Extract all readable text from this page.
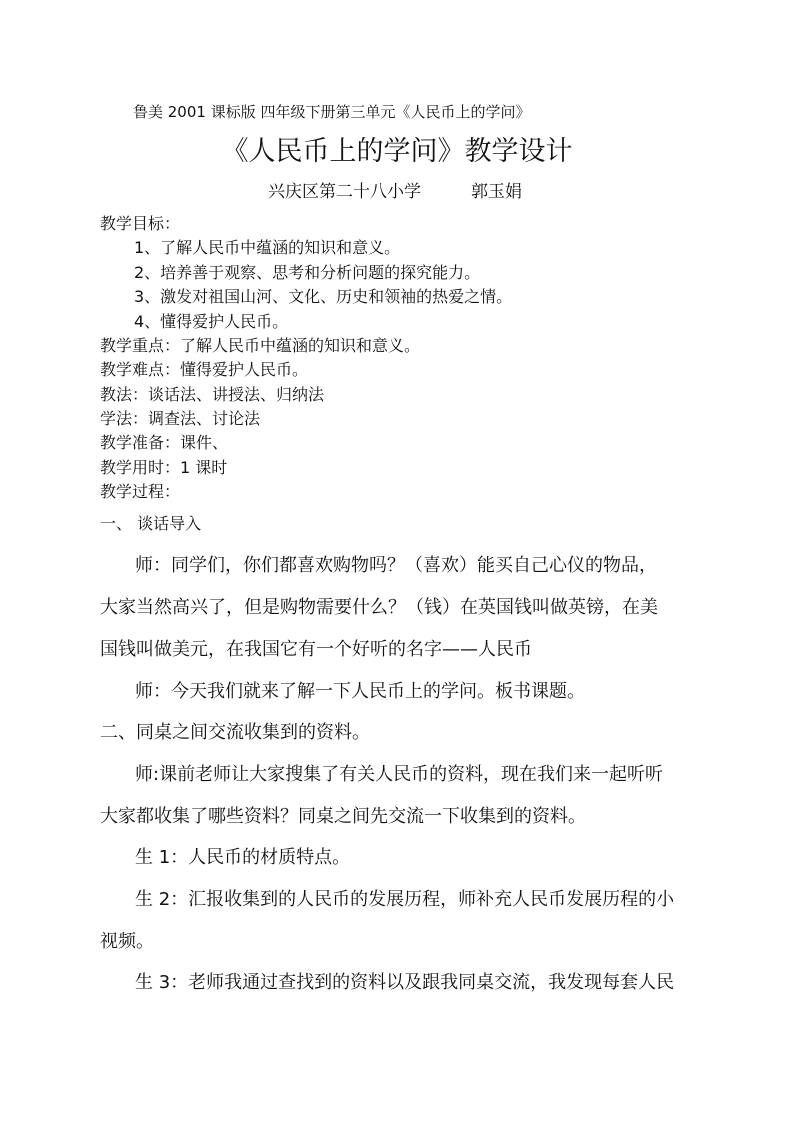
鲁美 2001 课标版 四年级下册第三单元《人民币上的学问》
《人民币上的学问》教学设计
兴庆区第二十八小学	郭玉娟
教学目标：
1、了解人民币中蕴涵的知识和意义。
2、培养善于观察、思考和分析问题的探究能力。
3、激发对祖国山河、文化、历史和领袖的热爱之情。
4、懂得爱护人民币。
教学重点：了解人民币中蕴涵的知识和意义。
教学难点：懂得爱护人民币。
教法：谈话法、讲授法、归纳法
学法：调查法、讨论法
教学准备：课件、
教学用时：1 课时
教学过程：
一、 谈话导入
师：同学们，你们都喜欢购物吗？（喜欢）能买自己心仪的物品，
大家当然高兴了，但是购物需要什么？（钱）在英国钱叫做英镑，在美
国钱叫做美元，在我国它有一个好听的名字——人民币
师：今天我们就来了解一下人民币上的学问。板书课题。
二、同桌之间交流收集到的资料。
师:课前老师让大家搜集了有关人民币的资料，现在我们来一起听听
大家都收集了哪些资料？同桌之间先交流一下收集到的资料。
生 1：人民币的材质特点。
生 2：汇报收集到的人民币的发展历程，师补充人民币发展历程的小
视频。
生 3：老师我通过查找到的资料以及跟我同桌交流，我发现每套人民
